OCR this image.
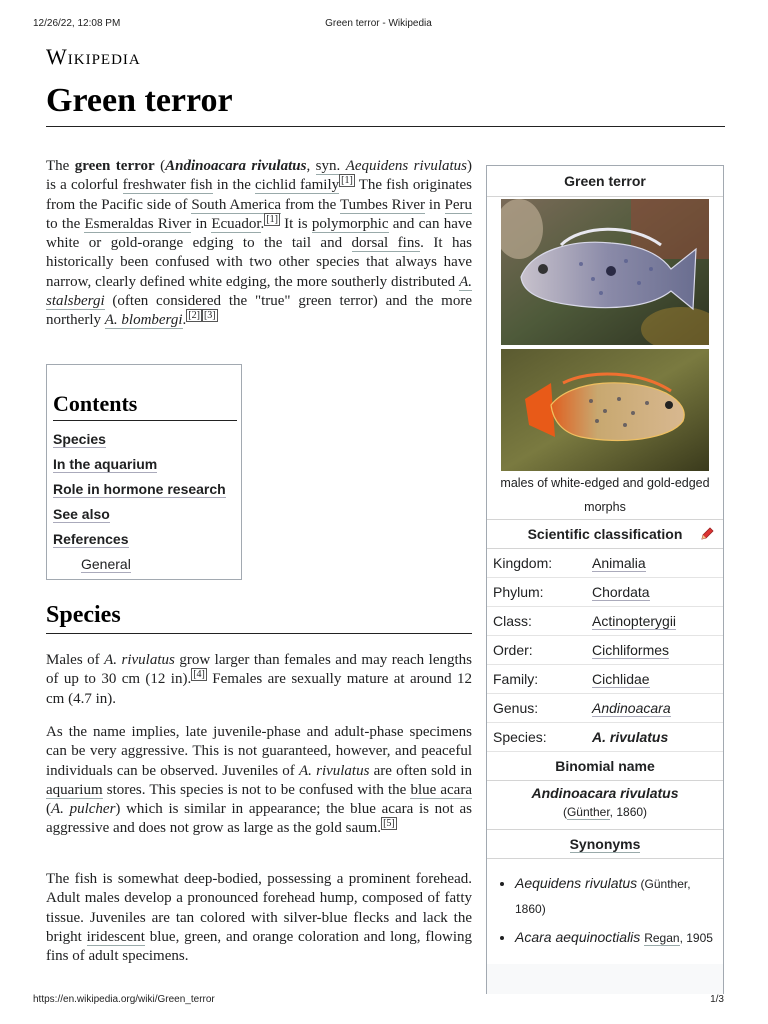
12/26/22, 12:08 PM	Green terror - Wikipedia
Wikipedia
Green terror

The green terror (Andinoacara rivulatus, syn. Aequidens rivulatus) is a colorful freshwater fish in the cichlid family [1] The fish originates from the Pacific side of South America from the Tumbes River in Peru to the Esmeraldas River in Ecuador. [1] It is polymorphic and can have white or gold-orange edging to the tail and dorsal fins. It has historically been confused with two other species that always have narrow, clearly defined white edging, the more southerly distributed A. stalsbergi (often considered the "true" green terror) and the more northerly A. blombergi. [2] [3]

Contents
Species
In the aquarium
Role in hormone research
See also
References
General
Species

Males of A. rivulatus grow larger than females and may reach lengths of up to 30 cm (12 in). [4] Females are sexually mature at around 12 cm (4.7 in).

As the name implies, late juvenile-phase and adult-phase specimens can be very aggressive. This is not guaranteed, however, and peaceful individuals can be observed. Juveniles of A. rivulatus are often sold in aquarium stores. This species is not to be confused with the blue acara (A. pulcher) which is similar in appearance; the blue acara is not as aggressive and does not grow as large as the gold saum. [5]

The fish is somewhat deep-bodied, possessing a prominent forehead. Adult males develop a pronounced forehead hump, composed of fatty tissue. Juveniles are tan colored with silver-blue flecks and lack the bright iridescent blue, green, and orange coloration and long, flowing fins of adult specimens.

Green terror
males of white-edged and gold-edged morphs
Scientific classification
Kingdom:	Animalia
Phylum:	Chordata
Class:	Actinopterygii
Order:	Cichliformes
Family:	Cichlidae
Genus:	Andinoacara
Species:	A. rivulatus
Binomial name
Andinoacara rivulatus
(Günther, 1860)
Synonyms
• Aequidens rivulatus (Günther, 1860)
• Acara aequinoctialis Regan, 1905
https://en.wikipedia.org/wiki/Green_terror	1/3
